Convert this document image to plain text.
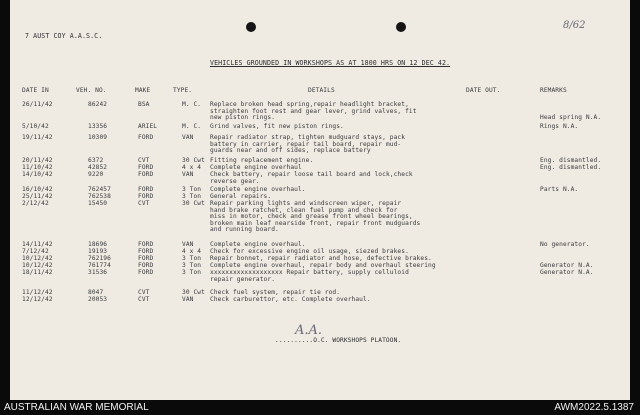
7 AUST COY A.A.S.C.
8/62
VEHICLES GROUNDED IN WORKSHOPS AS AT 1800 HRS ON 12 DEC 42.
DATE IN	VEH. NO.	MAKE	TYPE.	DETAILS	DATE OUT.	REMARKS
26/11/42	86242	BSA	M. C. Replace broken head spring,repair headlight bracket,
straighten foot rest and gear lever, grind valves, fit
new piston rings.	Head spring N.A.
5/10/42	13356	ARIEL	M. C. Grind valves, fit new piston rings.	Rings N.A.
19/11/42	10309	FORD	VAN	Repair radiator strap, tighten mudguard stays, pack
battery in carrier, repair tail board, repair mud-
guards near and off sides, replace battery
20/11/42	6372	CVT	30 Cwt Fitting replacement engine.	Eng. dismantled.
11/10/42	42852	FORD	4 x 4 Complete engine overhaul	Eng. dismantled.
14/10/42	9220	FORD	VAN	Check battery, repair loose tail board and lock,check
reverse gear.
16/10/42	762457	FORD	3 Ton Complete engine overhaul.	Parts N.A.
25/11/42	762538	FORD	3 Ton General repairs.
2/12/42	15450	CVT	30 Cwt Repair parking lights and windscreen wiper, repair
hand brake ratchet, clean fuel pump and check for
miss in motor, check and grease front wheel bearings,
broken main leaf nearside front, repair front mudguards
and running board.
14/11/42	18696	FORD	VAN	Complete engine overhaul.	No generator.
7/12/42	19193	FORD	4 x 4 Check for excessive engine oil usage, siezed brakes.
10/12/42	762196	FORD	3 Ton Repair bonnet, repair radiator and hose, defective brakes.
10/12/42	761774	FORD	3 Ton Complete engine overhaul, repair body and overhaul steering	Generator N.A.
18/11/42	31536	FORD	3 Ton xxxxxxxxxxxxxxxxxxx Repair battery, supply celluloid
repair generator.
Generator N.A.
11/12/42	8047	CVT	30 Cwt Check fuel system, repair tie rod.
12/12/42	20053	CVT	VAN	Check carburettor, etc. Complete overhaul.
A.A.
..........O.C. WORKSHOPS PLATOON.
AUSTRALIAN WAR MEMORIAL	AWM2022.5.1387
